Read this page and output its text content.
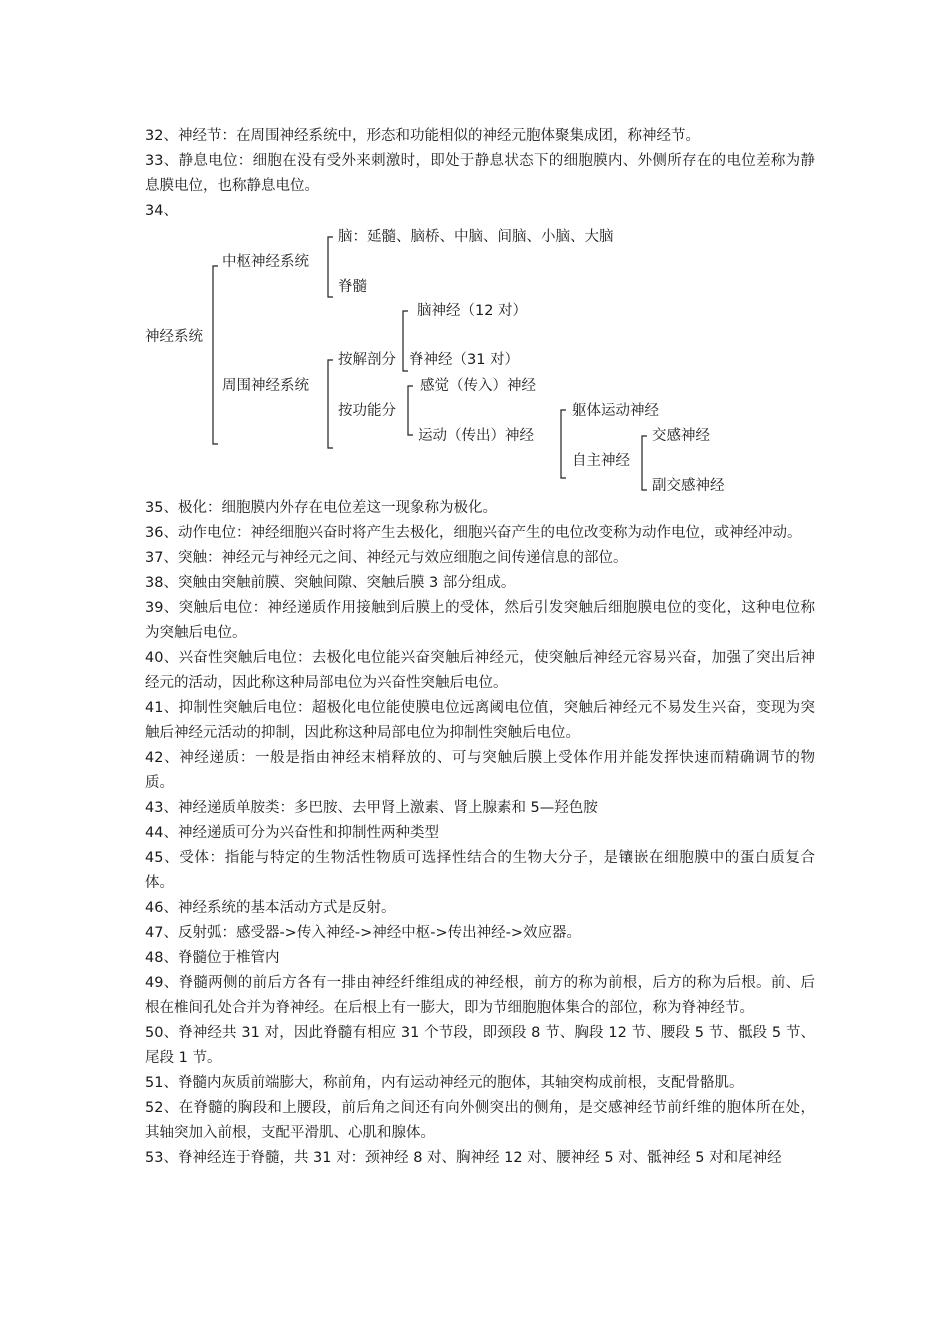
32、神经节：在周围神经系统中，形态和功能相似的神经元胞体聚集成团，称神经节。
33、静息电位：细胞在没有受外来刺激时，即处于静息状态下的细胞膜内、外侧所存在的电位差称为静息膜电位，也称静息电位。
34、
神经系统
中枢神经系统
脑：延髓、脑桥、中脑、间脑、小脑、大脑
脊髓
周围神经系统
按解剖分
脑神经（12 对）
脊神经（31 对）
按功能分
感觉（传入）神经
运动（传出）神经
躯体运动神经
自主神经
交感神经
副交感神经
35、极化：细胞膜内外存在电位差这一现象称为极化。
36、动作电位：神经细胞兴奋时将产生去极化，细胞兴奋产生的电位改变称为动作电位，或神经冲动。
37、突触：神经元与神经元之间、神经元与效应细胞之间传递信息的部位。
38、突触由突触前膜、突触间隙、突触后膜 3 部分组成。
39、突触后电位：神经递质作用接触到后膜上的受体，然后引发突触后细胞膜电位的变化，这种电位称为突触后电位。
40、兴奋性突触后电位：去极化电位能兴奋突触后神经元，使突触后神经元容易兴奋，加强了突出后神经元的活动，因此称这种局部电位为兴奋性突触后电位。
41、抑制性突触后电位：超极化电位能使膜电位远离阈电位值，突触后神经元不易发生兴奋，变现为突触后神经元活动的抑制，因此称这种局部电位为抑制性突触后电位。
42、神经递质：一般是指由神经末梢释放的、可与突触后膜上受体作用并能发挥快速而精确调节的物质。
43、神经递质单胺类：多巴胺、去甲肾上激素、肾上腺素和 5—羟色胺
44、神经递质可分为兴奋性和抑制性两种类型
45、受体：指能与特定的生物活性物质可选择性结合的生物大分子，是镶嵌在细胞膜中的蛋白质复合体。
46、神经系统的基本活动方式是反射。
47、反射弧：感受器->传入神经->神经中枢->传出神经->效应器。
48、脊髓位于椎管内
49、脊髓两侧的前后方各有一排由神经纤维组成的神经根，前方的称为前根，后方的称为后根。前、后根在椎间孔处合并为脊神经。在后根上有一膨大，即为节细胞胞体集合的部位，称为脊神经节。
50、脊神经共 31 对，因此脊髓有相应 31 个节段，即颈段 8 节、胸段 12 节、腰段 5 节、骶段 5 节、尾段 1 节。
51、脊髓内灰质前端膨大，称前角，内有运动神经元的胞体，其轴突构成前根，支配骨骼肌。
52、在脊髓的胸段和上腰段，前后角之间还有向外侧突出的侧角，是交感神经节前纤维的胞体所在处，其轴突加入前根，支配平滑肌、心肌和腺体。
53、脊神经连于脊髓，共 31 对：颈神经 8 对、胸神经 12 对、腰神经 5 对、骶神经 5 对和尾神经
